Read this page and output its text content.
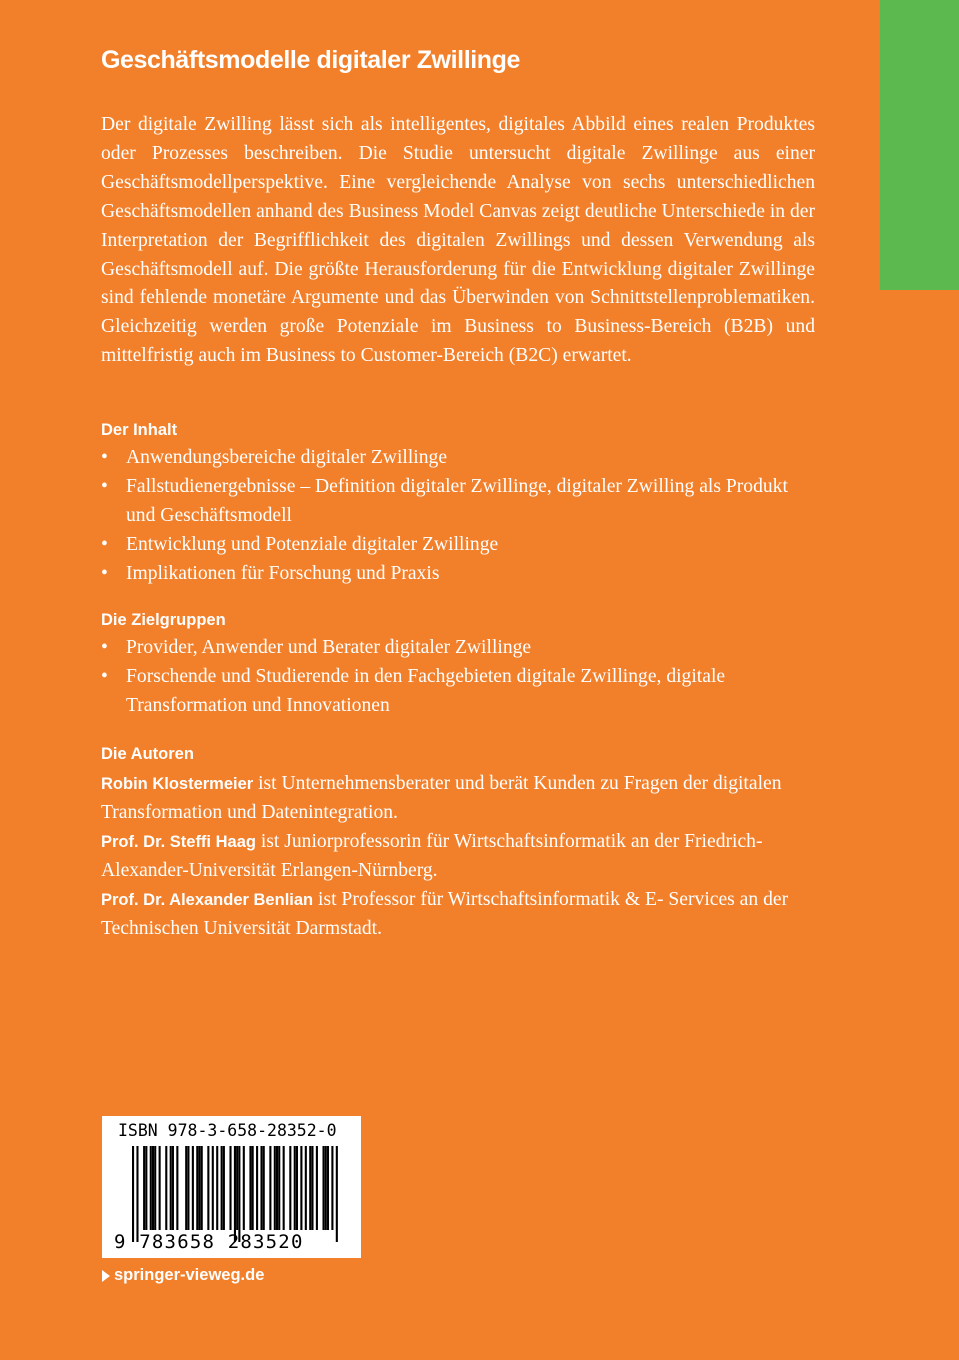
Geschäftsmodelle digitaler Zwillinge

Der digitale Zwilling lässt sich als intelligentes, digitales Abbild eines realen Produktes oder Prozesses beschreiben. Die Studie untersucht digitale Zwillinge aus einer Geschäftsmodellperspektive. Eine vergleichende Analyse von sechs unterschiedlichen Geschäftsmodellen anhand des Business Model Canvas zeigt deutliche Unterschiede in der Interpretation der Begrifflichkeit des digitalen Zwillings und dessen Verwendung als Geschäftsmodell auf. Die größte Herausforderung für die Entwicklung digitaler Zwillinge sind fehlende monetäre Argumente und das Überwinden von Schnittstellenproblematiken. Gleichzeitig werden große Potenziale im Business to Business-Bereich (B2B) und mittelfristig auch im Business to Customer-Bereich (B2C) erwartet.

Der Inhalt
• Anwendungsbereiche digitaler Zwillinge
• Fallstudienergebnisse – Definition digitaler Zwillinge, digitaler Zwilling als Produkt und Geschäftsmodell
• Entwicklung und Potenziale digitaler Zwillinge
• Implikationen für Forschung und Praxis
Die Zielgruppen
• Provider, Anwender und Berater digitaler Zwillinge
• Forschende und Studierende in den Fachgebieten digitale Zwillinge, digitale Transformation und Innovationen
Die Autoren

Robin Klostermeier ist Unternehmensberater und berät Kunden zu Fragen der digitalen Transformation und Datenintegration.
Prof. Dr. Steffi Haag ist Juniorprofessorin für Wirtschaftsinformatik an der Friedrich-Alexander-Universität Erlangen-Nürnberg.
Prof. Dr. Alexander Benlian ist Professor für Wirtschaftsinformatik & E- Services an der Technischen Universität Darmstadt.

ISBN 978-3-658-28352-0
9 783658 283520
springer-vieweg.de
